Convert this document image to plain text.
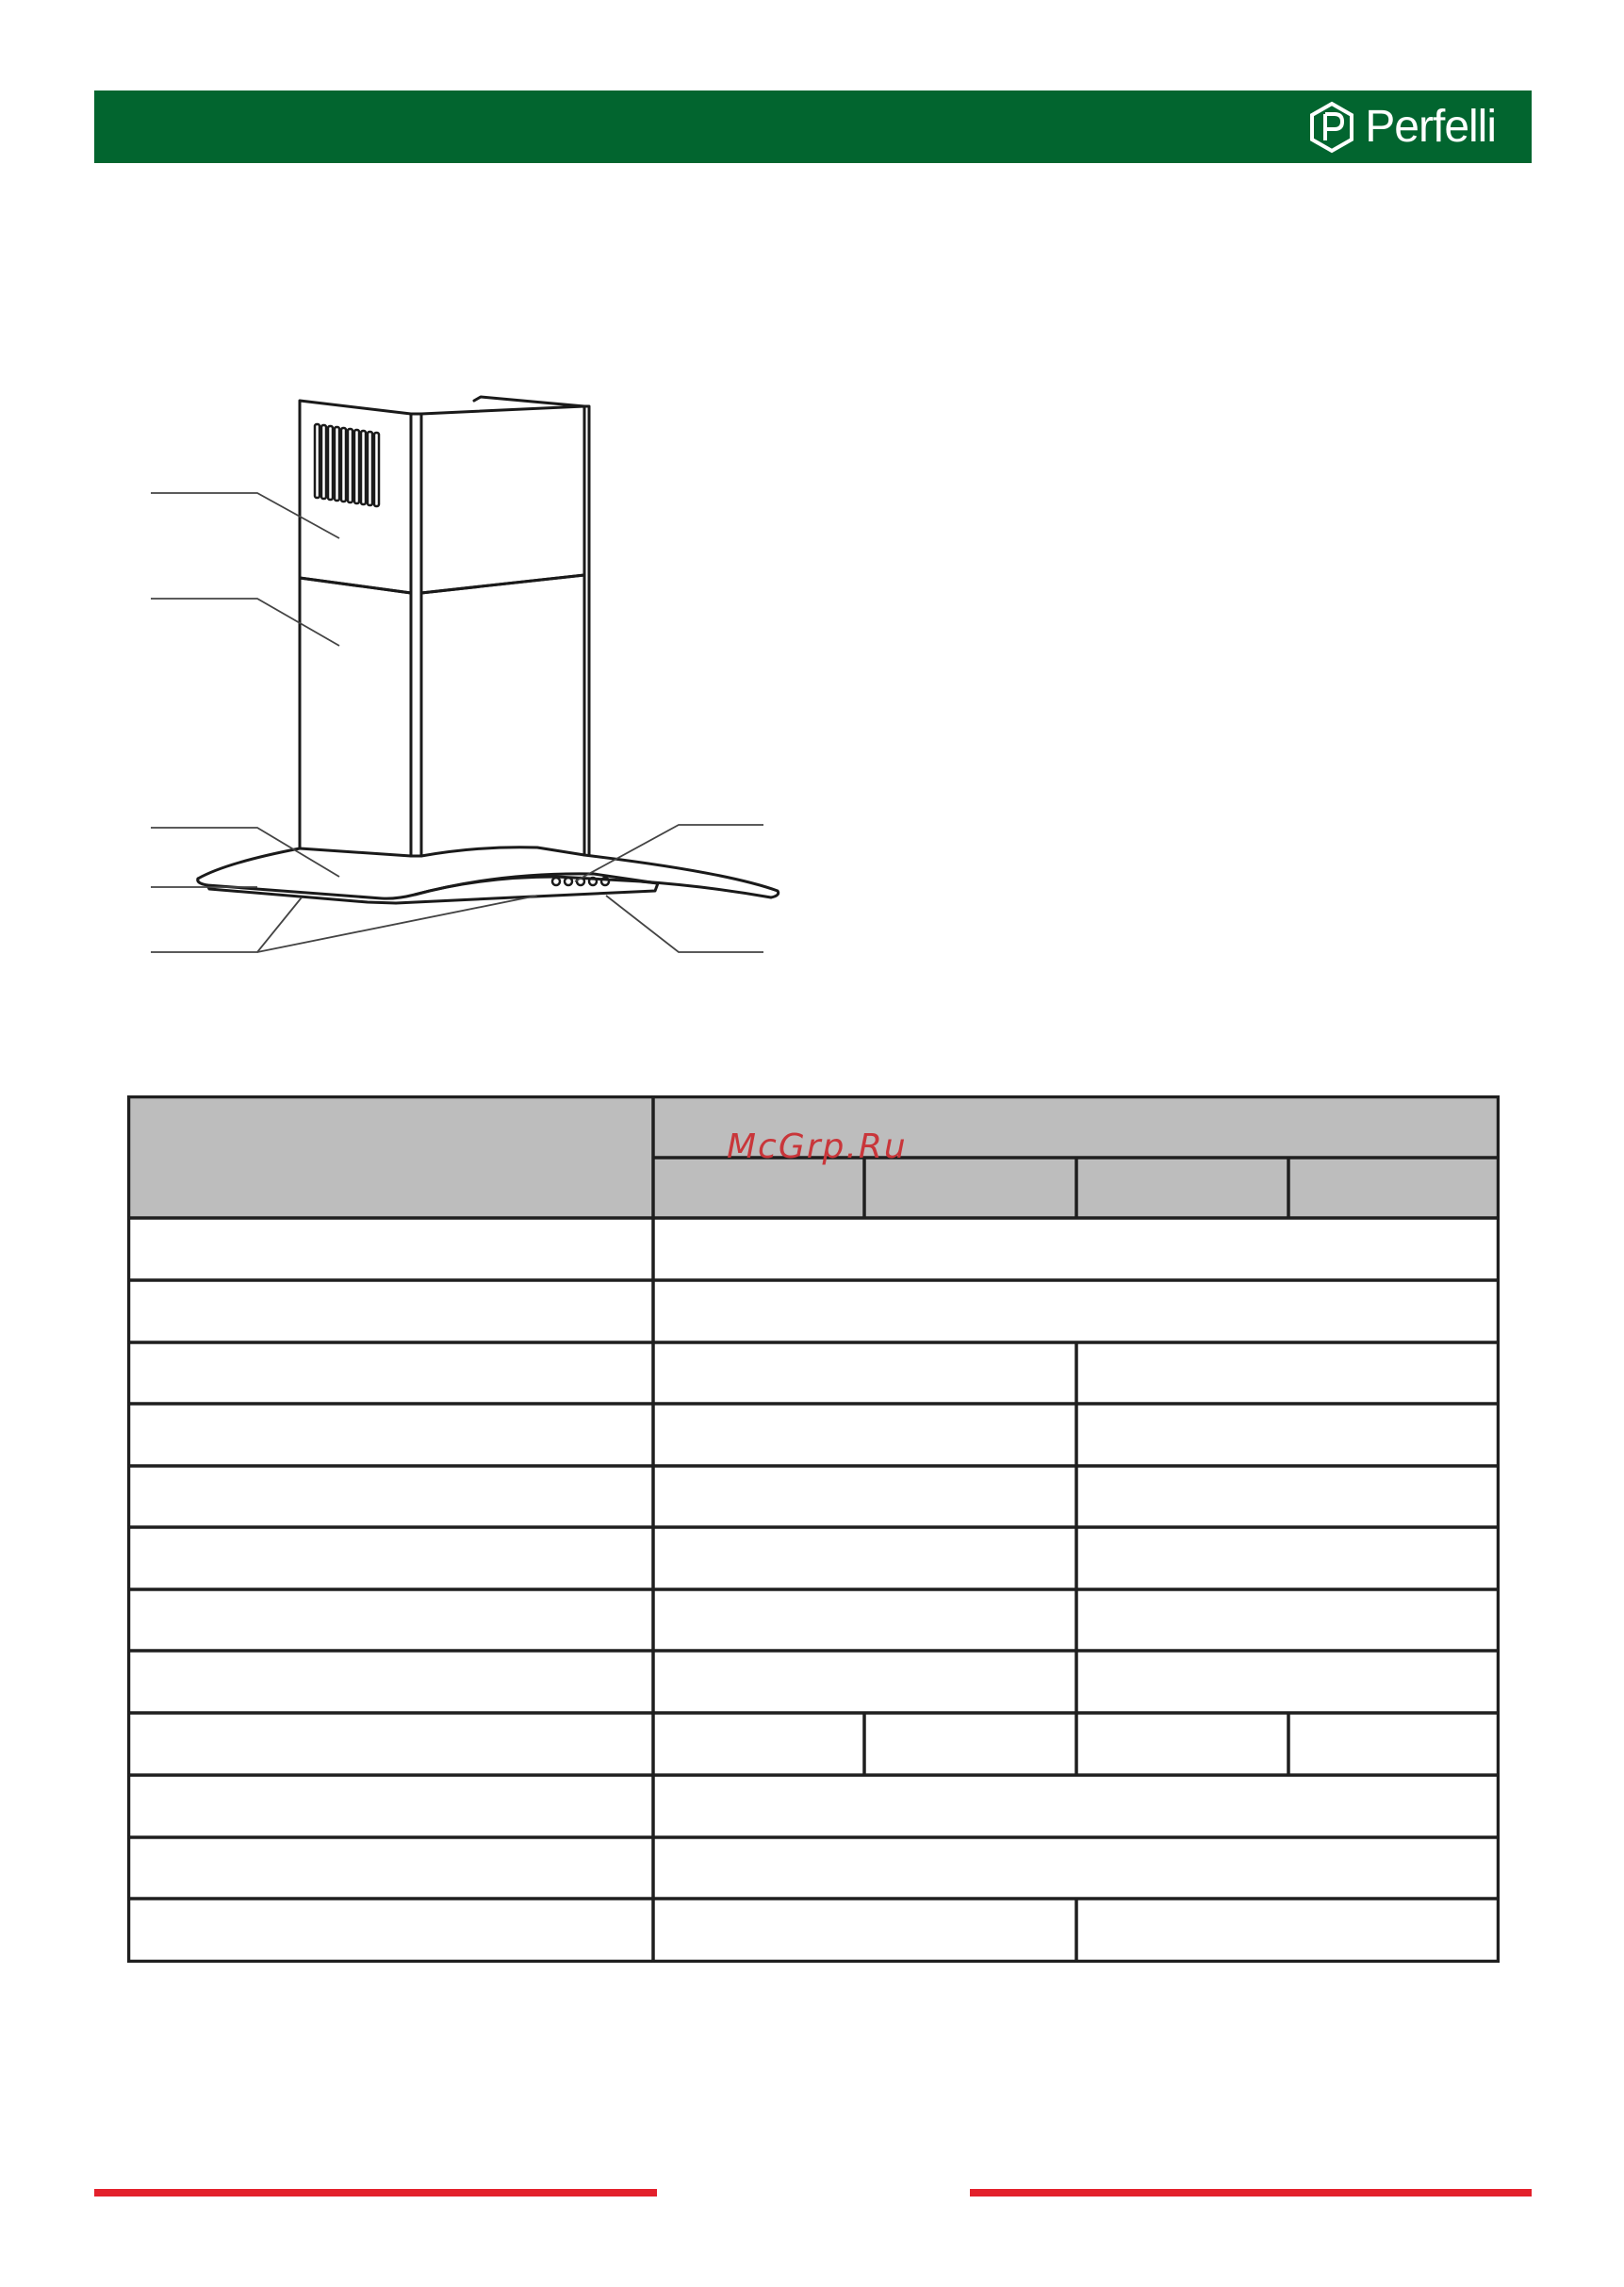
Perfelli
McGrp.Ru
